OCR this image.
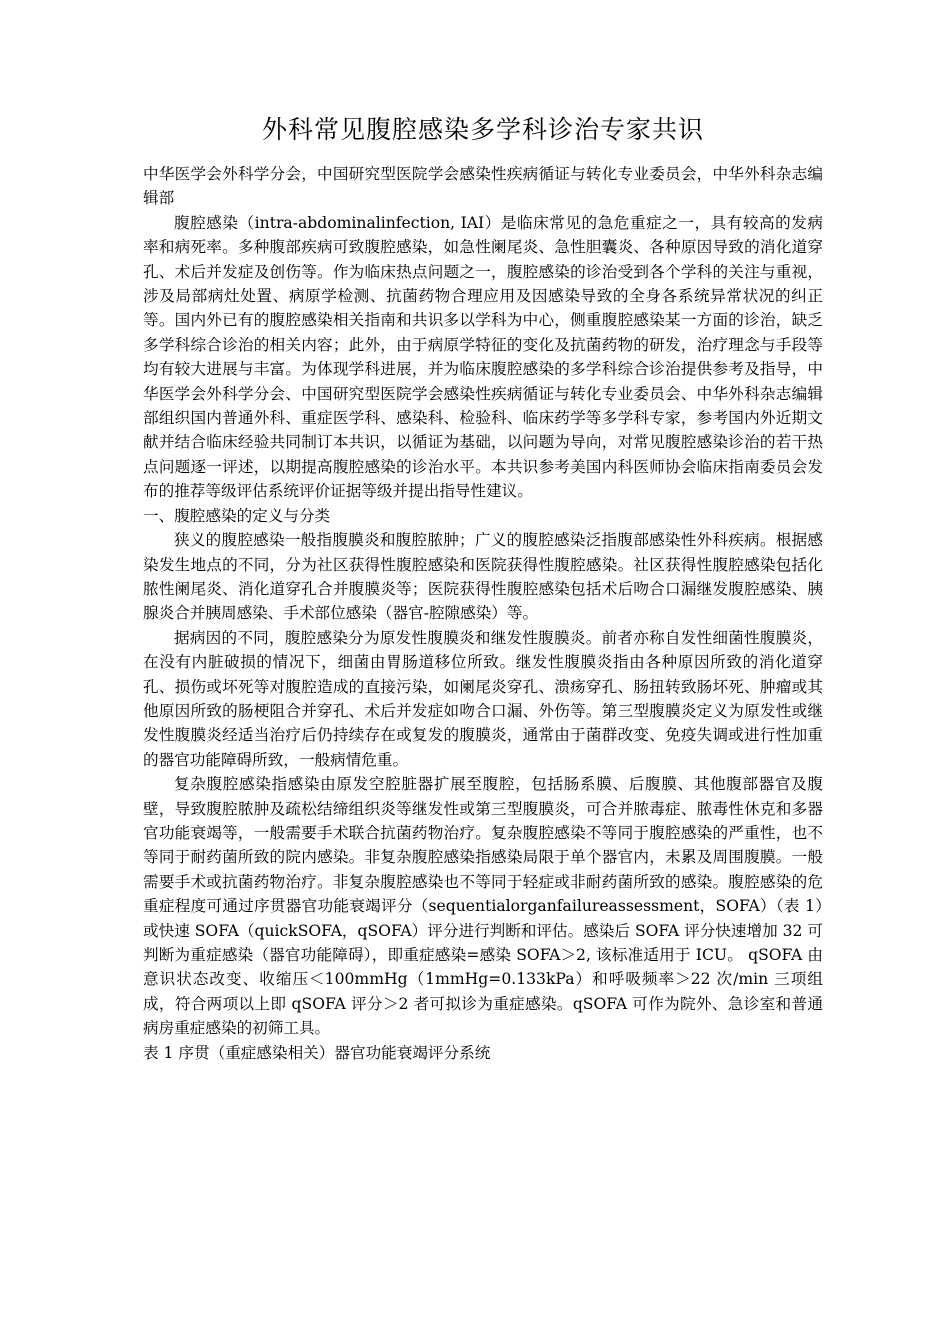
外科常见腹腔感染多学科诊治专家共识

中华医学会外科学分会，中国研究型医院学会感染性疾病循证与转化专业委员会，中华外科杂志编辑部

腹腔感染（intra-abdominalinfection, IAI）是临床常见的急危重症之一，具有较高的发病率和病死率。多种腹部疾病可致腹腔感染，如急性阑尾炎、急性胆囊炎、各种原因导致的消化道穿孔、术后并发症及创伤等。作为临床热点问题之一，腹腔感染的诊治受到各个学科的关注与重视，涉及局部病灶处置、病原学检测、抗菌药物合理应用及因感染导致的全身各系统异常状况的纠正等。国内外已有的腹腔感染相关指南和共识多以学科为中心，侧重腹腔感染某一方面的诊治，缺乏多学科综合诊治的相关内容；此外，由于病原学特征的变化及抗菌药物的研发，治疗理念与手段等均有较大进展与丰富。为体现学科进展，并为临床腹腔感染的多学科综合诊治提供参考及指导，中华医学会外科学分会、中国研究型医院学会感染性疾病循证与转化专业委员会、中华外科杂志编辑部组织国内普通外科、重症医学科、感染科、检验科、临床药学等多学科专家，参考国内外近期文献并结合临床经验共同制订本共识，以循证为基础，以问题为导向，对常见腹腔感染诊治的若干热点问题逐一评述，以期提高腹腔感染的诊治水平。本共识参考美国内科医师协会临床指南委员会发布的推荐等级评估系统评价证据等级并提出指导性建议。

一、腹腔感染的定义与分类

狭义的腹腔感染一般指腹膜炎和腹腔脓肿；广义的腹腔感染泛指腹部感染性外科疾病。根据感染发生地点的不同，分为社区获得性腹腔感染和医院获得性腹腔感染。社区获得性腹腔感染包括化脓性阑尾炎、消化道穿孔合并腹膜炎等；医院获得性腹腔感染包括术后吻合口漏继发腹腔感染、胰腺炎合并胰周感染、手术部位感染（器官-腔隙感染）等。

据病因的不同，腹腔感染分为原发性腹膜炎和继发性腹膜炎。前者亦称自发性细菌性腹膜炎，在没有内脏破损的情况下，细菌由胃肠道移位所致。继发性腹膜炎指由各种原因所致的消化道穿孔、损伤或坏死等对腹腔造成的直接污染，如阑尾炎穿孔、溃疡穿孔、肠扭转致肠坏死、肿瘤或其他原因所致的肠梗阻合并穿孔、术后并发症如吻合口漏、外伤等。第三型腹膜炎定义为原发性或继发性腹膜炎经适当治疗后仍持续存在或复发的腹膜炎，通常由于菌群改变、免疫失调或进行性加重的器官功能障碍所致，一般病情危重。

复杂腹腔感染指感染由原发空腔脏器扩展至腹腔，包括肠系膜、后腹膜、其他腹部器官及腹壁，导致腹腔脓肿及疏松结缔组织炎等继发性或第三型腹膜炎，可合并脓毒症、脓毒性休克和多器官功能衰竭等，一般需要手术联合抗菌药物治疗。复杂腹腔感染不等同于腹腔感染的严重性，也不等同于耐药菌所致的院内感染。非复杂腹腔感染指感染局限于单个器官内，未累及周围腹膜。一般需要手术或抗菌药物治疗。非复杂腹腔感染也不等同于轻症或非耐药菌所致的感染。腹腔感染的危重症程度可通过序贯器官功能衰竭评分（sequentialorganfailureassessment，SOFA）（表 1）或快速 SOFA（quickSOFA，qSOFA）评分进行判断和评估。感染后 SOFA 评分快速增加 32 可判断为重症感染（器官功能障碍），即重症感染=感染 SOFA＞2, 该标准适用于 ICU。 qSOFA 由意识状态改变、收缩压＜100mmHg（1mmHg=0.133kPa）和呼吸频率＞22 次/min 三项组成，符合两项以上即 qSOFA 评分＞2 者可拟诊为重症感染。qSOFA 可作为院外、急诊室和普通病房重症感染的初筛工具。

表 1 序贯（重症感染相关）器官功能衰竭评分系统
